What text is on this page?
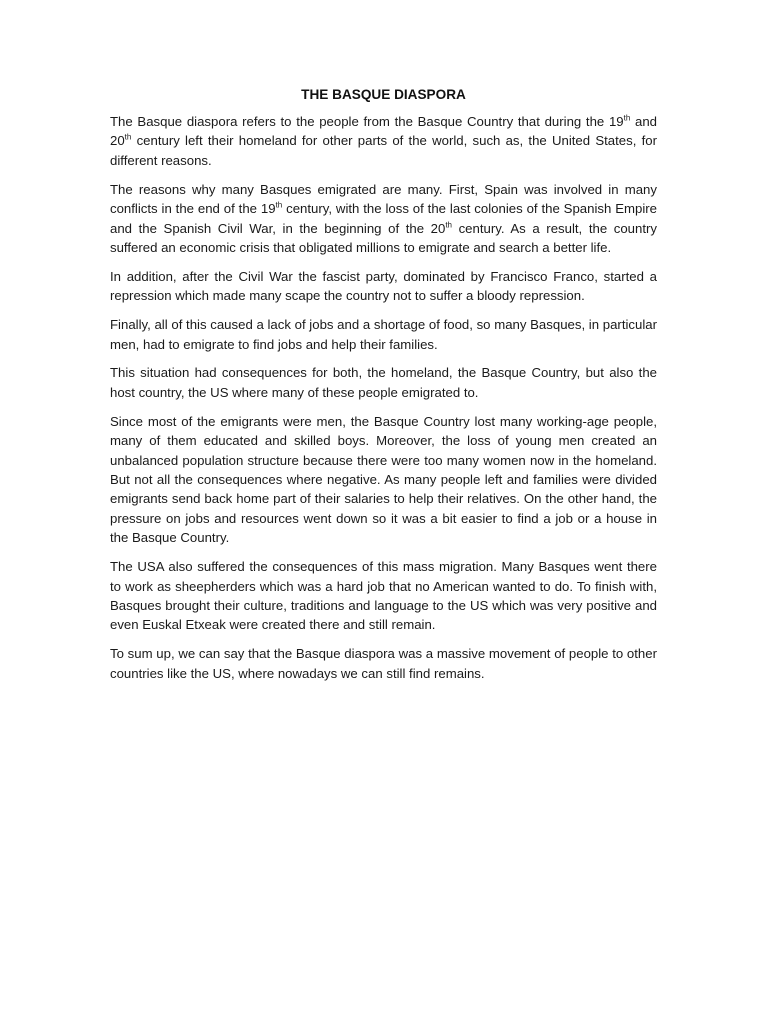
THE BASQUE DIASPORA

The Basque diaspora refers to the people from the Basque Country that during the 19th and 20th century left their homeland for other parts of the world, such as, the United States, for different reasons.

The reasons why many Basques emigrated are many. First, Spain was involved in many conflicts in the end of the 19th century, with the loss of the last colonies of the Spanish Empire and the Spanish Civil War, in the beginning of the 20th century. As a result, the country suffered an economic crisis that obligated millions to emigrate and search a better life.

In addition, after the Civil War the fascist party, dominated by Francisco Franco, started a repression which made many scape the country not to suffer a bloody repression.

Finally, all of this caused a lack of jobs and a shortage of food, so many Basques, in particular men, had to emigrate to find jobs and help their families.

This situation had consequences for both, the homeland, the Basque Country, but also the host country, the US where many of these people emigrated to.

Since most of the emigrants were men, the Basque Country lost many working-age people, many of them educated and skilled boys. Moreover, the loss of young men created an unbalanced population structure because there were too many women now in the homeland. But not all the consequences where negative. As many people left and families were divided emigrants send back home part of their salaries to help their relatives. On the other hand, the pressure on jobs and resources went down so it was a bit easier to find a job or a house in the Basque Country.

The USA also suffered the consequences of this mass migration. Many Basques went there to work as sheepherders which was a hard job that no American wanted to do. To finish with, Basques brought their culture, traditions and language to the US which was very positive and even Euskal Etxeak were created there and still remain.

To sum up, we can say that the Basque diaspora was a massive movement of people to other countries like the US, where nowadays we can still find remains.
